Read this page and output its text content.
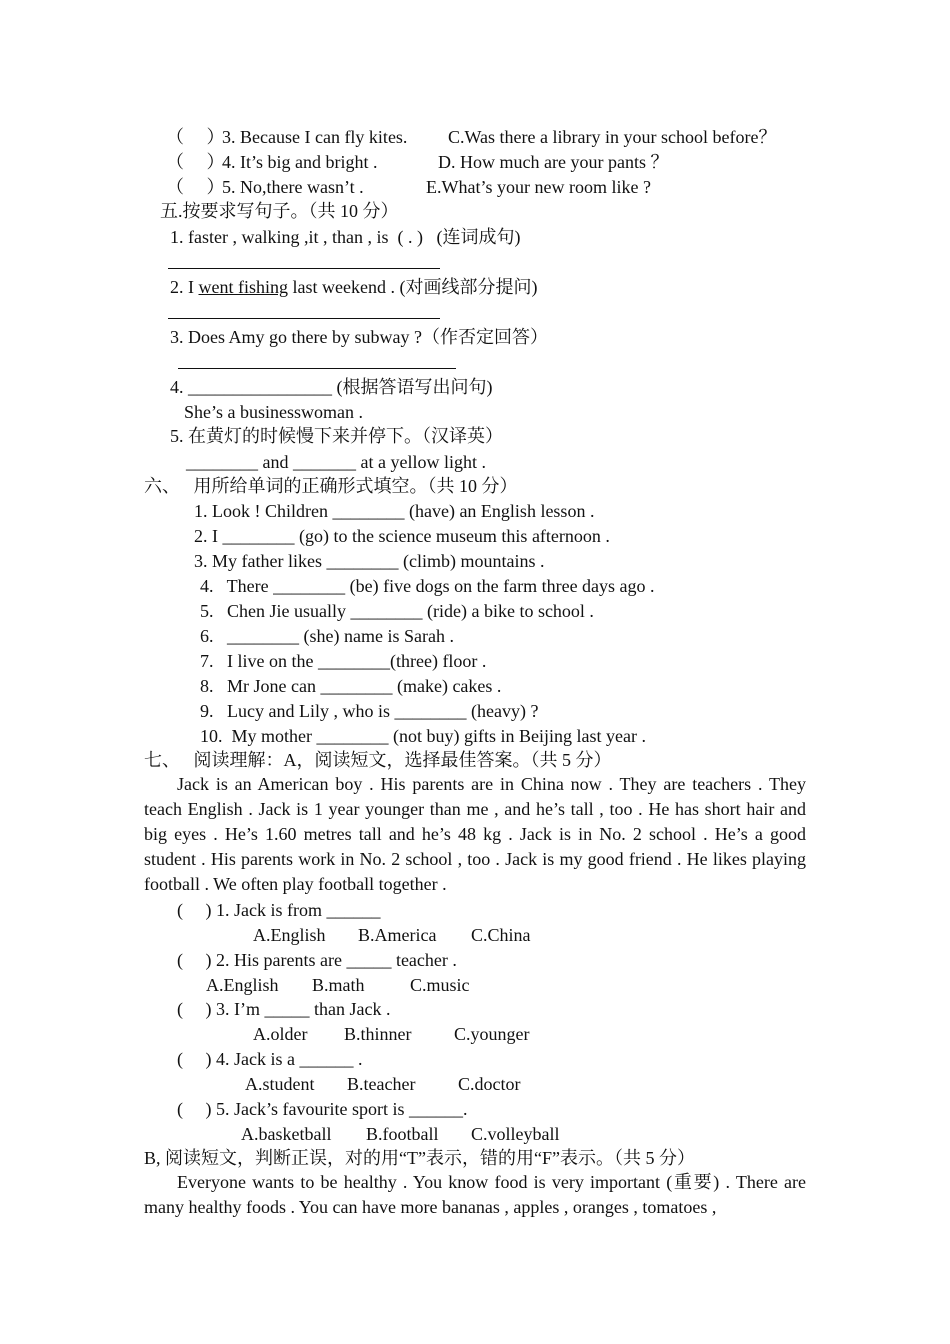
（　 ）
3. Because I can fly kites. C.Was there a library in your school before？
（　 ）
4. It’s big and bright .	D. How much are your pants ？
（　 ）
5. No,there wasn’t .	E.What’s your new room like ?
五.按要求写句子。（共 10 分）
1. faster , walking ,it , than , is  ( . )   (连词成句)
2. I went fishing last weekend . (对画线部分提问)
3. Does Amy go there by subway ?（作否定回答）
4. ________________ (根据答语写出问句)
She’s a businesswoman .
5. 在黄灯的时候慢下来并停下。（汉译英）
________ and _______ at a yellow light .
六、   用所给单词的正确形式填空。（共 10 分）
1. Look ! Children ________ (have) an English lesson .
2. I ________ (go) to the science museum this afternoon .
3. My father likes ________ (climb) mountains .
4.   There ________ (be) five dogs on the farm three days ago .
5.   Chen Jie usually ________ (ride) a bike to school .
6.   ________ (she) name is Sarah .
7.   I live on the ________(three) floor .
8.   Mr Jone can ________ (make) cakes .
9.   Lucy and Lily , who is ________ (heavy) ?
10.  My mother ________ (not buy) gifts in Beijing last year .
七、   阅读理解：A，阅读短文，选择最佳答案。（共 5 分）
Jack is an American boy . His parents are in China now . They are teachers . They teach English . Jack is 1 year younger than me , and he’s tall , too . He has short hair and big eyes . He’s 1.60 metres tall and he’s 48 kg . Jack is in No. 2 school . He’s a good student . His parents work in No. 2 school , too . Jack is my good friend . He likes playing football . We often play football together .
(     ) 1. Jack is from ______
A.English B.America C.China
(     ) 2. His parents are _____ teacher .
A.English B.math	C.music
(     ) 3. I’m _____ than Jack .
A.older B.thinner C.younger
(     ) 4. Jack is a ______ .
A.student B.teacher C.doctor
(     ) 5. Jack’s favourite sport is ______.
A.basketball B.football C.volleyball
B, 阅读短文，判断正误，对的用“T”表示，错的用“F”表示。（共 5 分）
Everyone wants to be healthy . You know food is very important (重要) . There are many healthy foods . You can have more bananas , apples , oranges , tomatoes ,
